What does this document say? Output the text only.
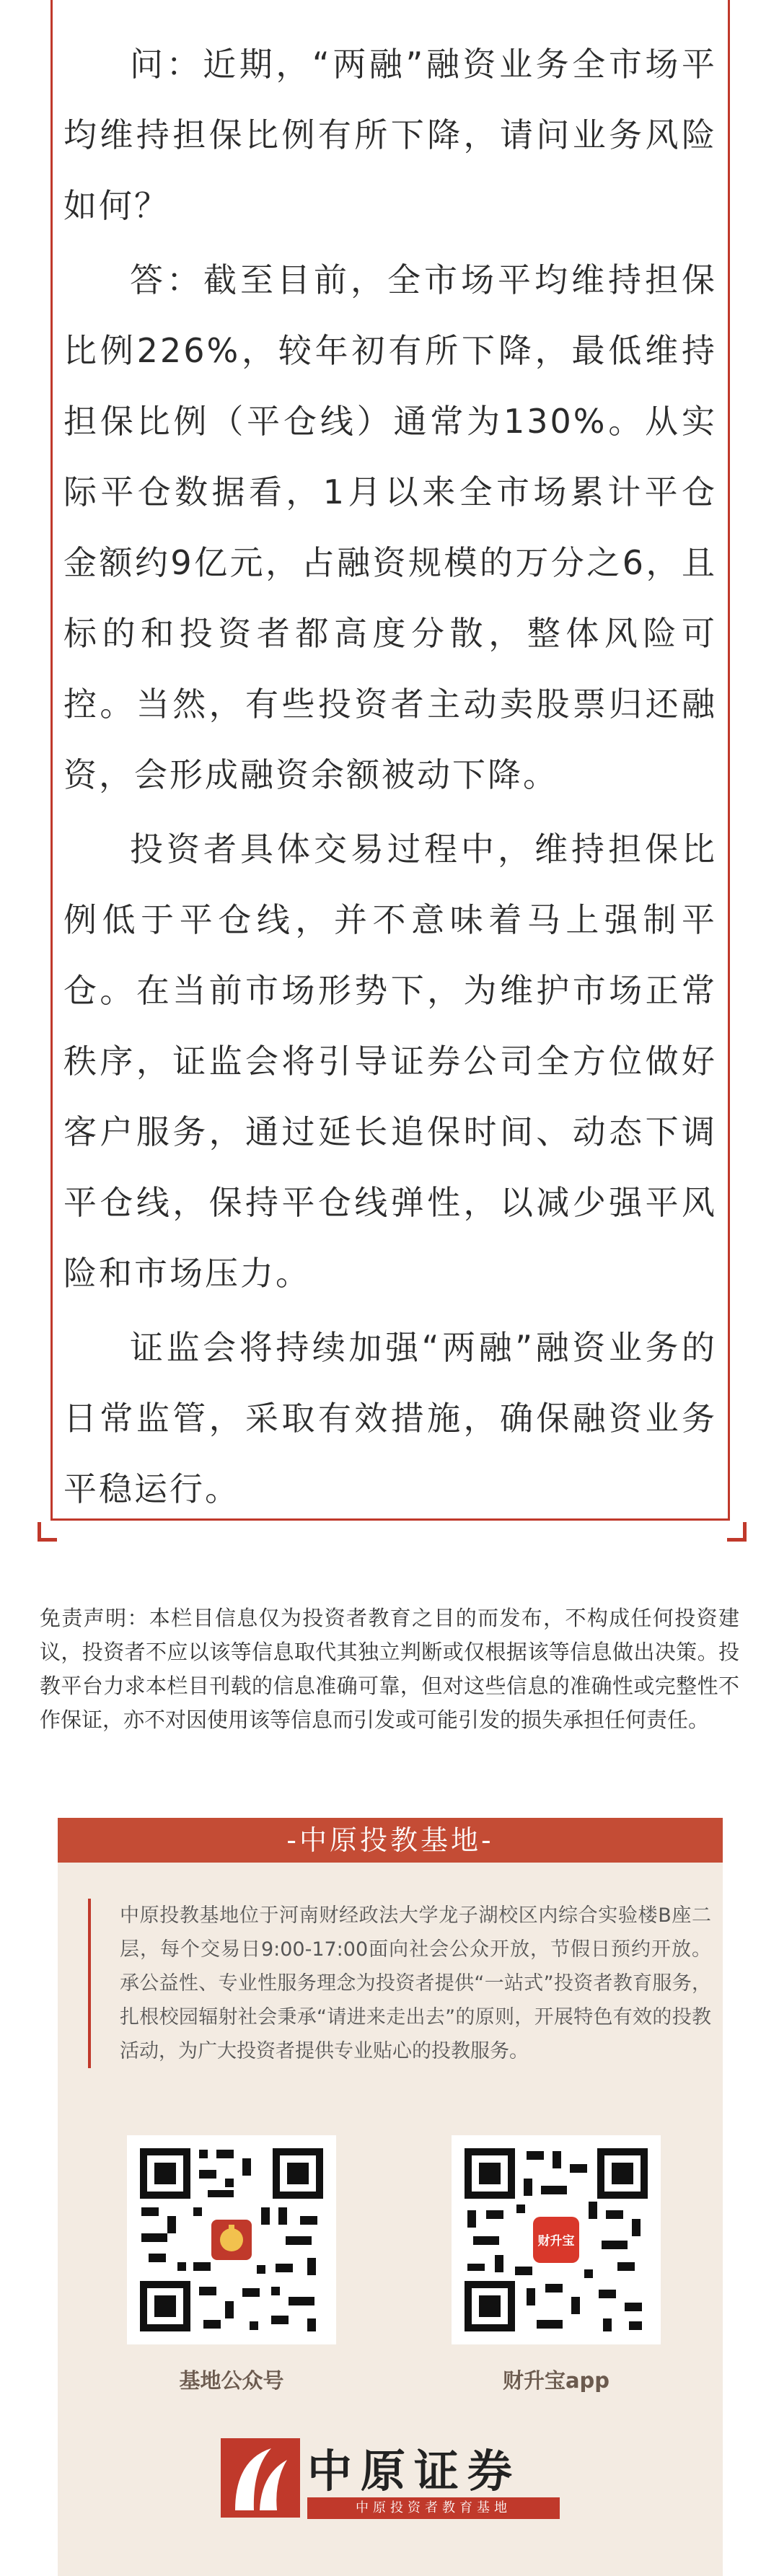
问：近期，“两融”融资业务全市场平均维持担保比例有所下降，请问业务风险如何？

答：截至目前，全市场平均维持担保比例226%，较年初有所下降，最低维持担保比例（平仓线）通常为130%。从实际平仓数据看，1月以来全市场累计平仓金额约9亿元，占融资规模的万分之6，且标的和投资者都高度分散，整体风险可控。当然，有些投资者主动卖股票归还融资，会形成融资余额被动下降。

投资者具体交易过程中，维持担保比例低于平仓线，并不意味着马上强制平仓。在当前市场形势下，为维护市场正常秩序，证监会将引导证券公司全方位做好客户服务，通过延长追保时间、动态下调平仓线，保持平仓线弹性，以减少强平风险和市场压力。

证监会将持续加强“两融”融资业务的日常监管，采取有效措施，确保融资业务平稳运行。

免责声明：本栏目信息仅为投资者教育之目的而发布，不构成任何投资建议，投资者不应以该等信息取代其独立判断或仅根据该等信息做出决策。投教平台力求本栏目刊载的信息准确可靠，但对这些信息的准确性或完整性不作保证，亦不对因使用该等信息而引发或可能引发的损失承担任何责任。
-中原投教基地-
中原投教基地位于河南财经政法大学龙子湖校区内综合实验楼B座二层，每个交易日9:00-17:00面向社会公众开放，节假日预约开放。承公益性、专业性服务理念为投资者提供“一站式”投资者教育服务，扎根校园辐射社会秉承“请进来走出去”的原则，开展特色有效的投教活动，为广大投资者提供专业贴心的投教服务。
财升宝
基地公众号	财升宝app
中原证券
中原投资者教育基地
